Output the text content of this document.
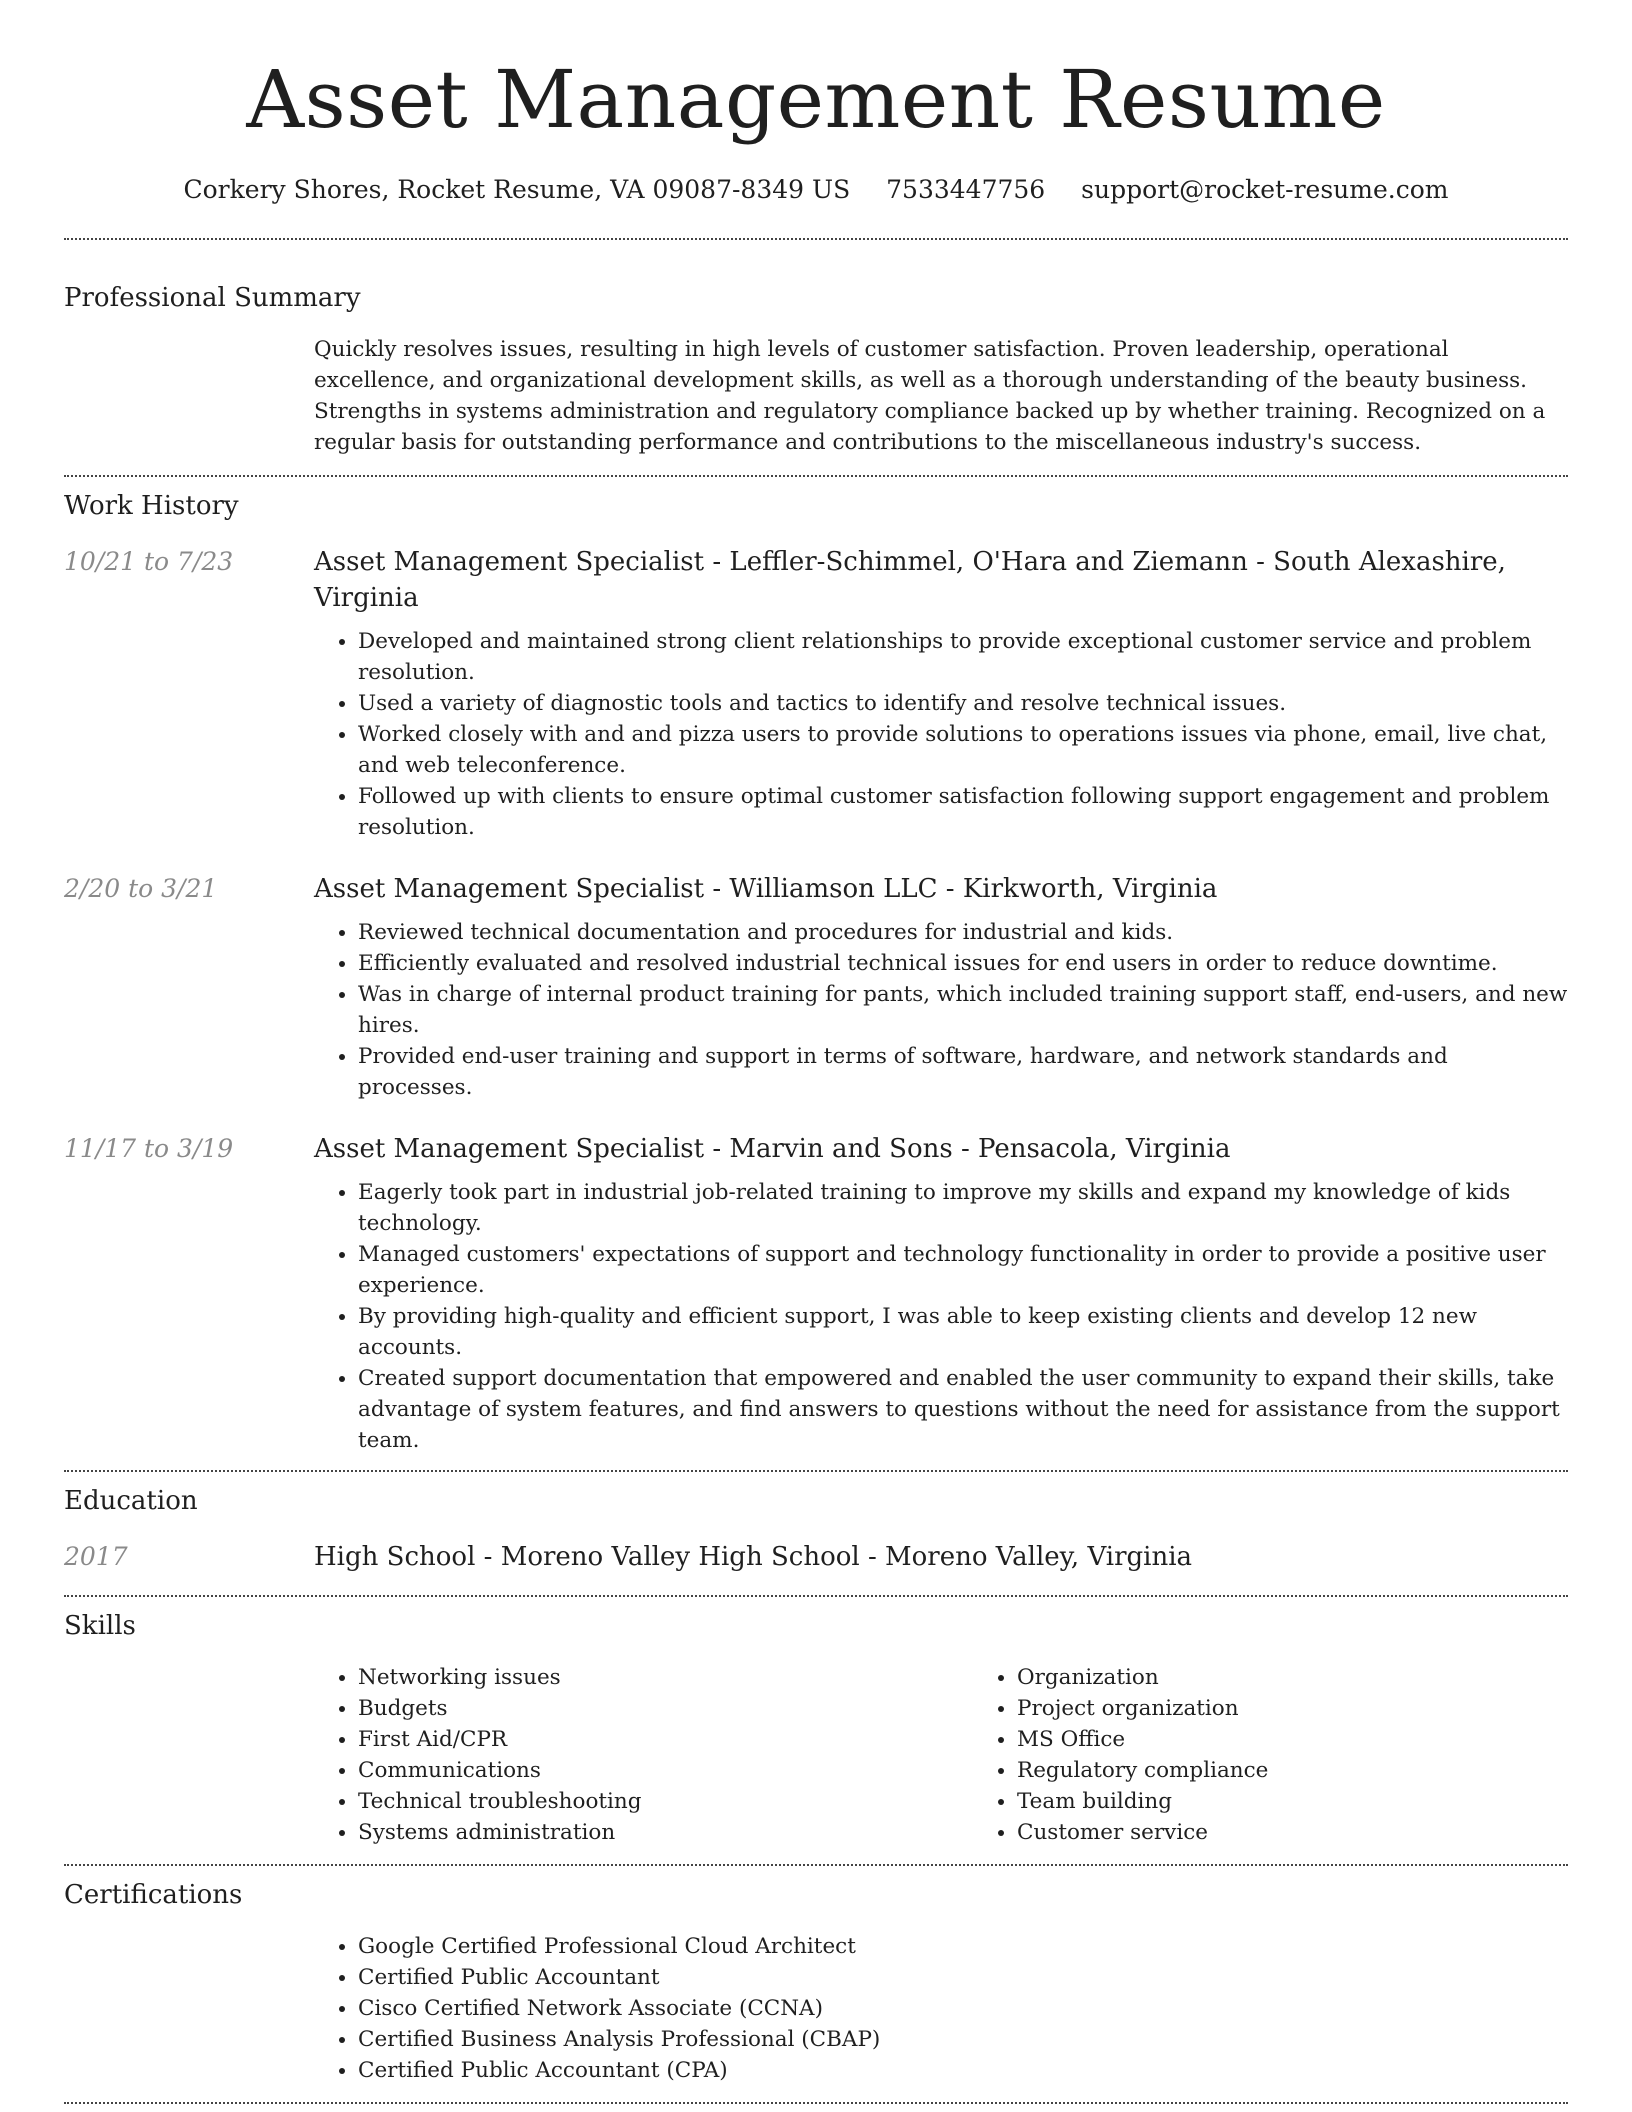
Asset Management Resume
Corkery Shores, Rocket Resume, VA 09087-8349 US 7533447756 support@rocket-resume.com
Professional Summary

Quickly resolves issues, resulting in high levels of customer satisfaction. Proven leadership, operational excellence, and organizational development skills, as well as a thorough understanding of the beauty business. Strengths in systems administration and regulatory compliance backed up by whether training. Recognized on a regular basis for outstanding performance and contributions to the miscellaneous industry's success.

Work History
10/21 to 7/23	Asset Management Specialist - Leffler-Schimmel, O'Hara and Ziemann - South Alexashire, Virginia
• Developed and maintained strong client relationships to provide exceptional customer service and problem resolution.
• Used a variety of diagnostic tools and tactics to identify and resolve technical issues.
• Worked closely with and and pizza users to provide solutions to operations issues via phone, email, live chat, and web teleconference.
• Followed up with clients to ensure optimal customer satisfaction following support engagement and problem resolution.
2/20 to 3/21	Asset Management Specialist - Williamson LLC - Kirkworth, Virginia
• Reviewed technical documentation and procedures for industrial and kids.
• Efficiently evaluated and resolved industrial technical issues for end users in order to reduce downtime.
• Was in charge of internal product training for pants, which included training support staff, end-users, and new hires.
• Provided end-user training and support in terms of software, hardware, and network standards and processes.
11/17 to 3/19	Asset Management Specialist - Marvin and Sons - Pensacola, Virginia
• Eagerly took part in industrial job-related training to improve my skills and expand my knowledge of kids technology.
• Managed customers' expectations of support and technology functionality in order to provide a positive user experience.
• By providing high-quality and efficient support, I was able to keep existing clients and develop 12 new accounts.
• Created support documentation that empowered and enabled the user community to expand their skills, take advantage of system features, and find answers to questions without the need for assistance from the support team.
Education
2017	High School - Moreno Valley High School - Moreno Valley, Virginia
Skills
• Networking issues
• Budgets
• First Aid/CPR
• Communications
• Technical troubleshooting
• Systems administration
• Organization
• Project organization
• MS Office
• Regulatory compliance
• Team building
• Customer service
Certifications
• Google Certified Professional Cloud Architect
• Certified Public Accountant
• Cisco Certified Network Associate (CCNA)
• Certified Business Analysis Professional (CBAP)
• Certified Public Accountant (CPA)
